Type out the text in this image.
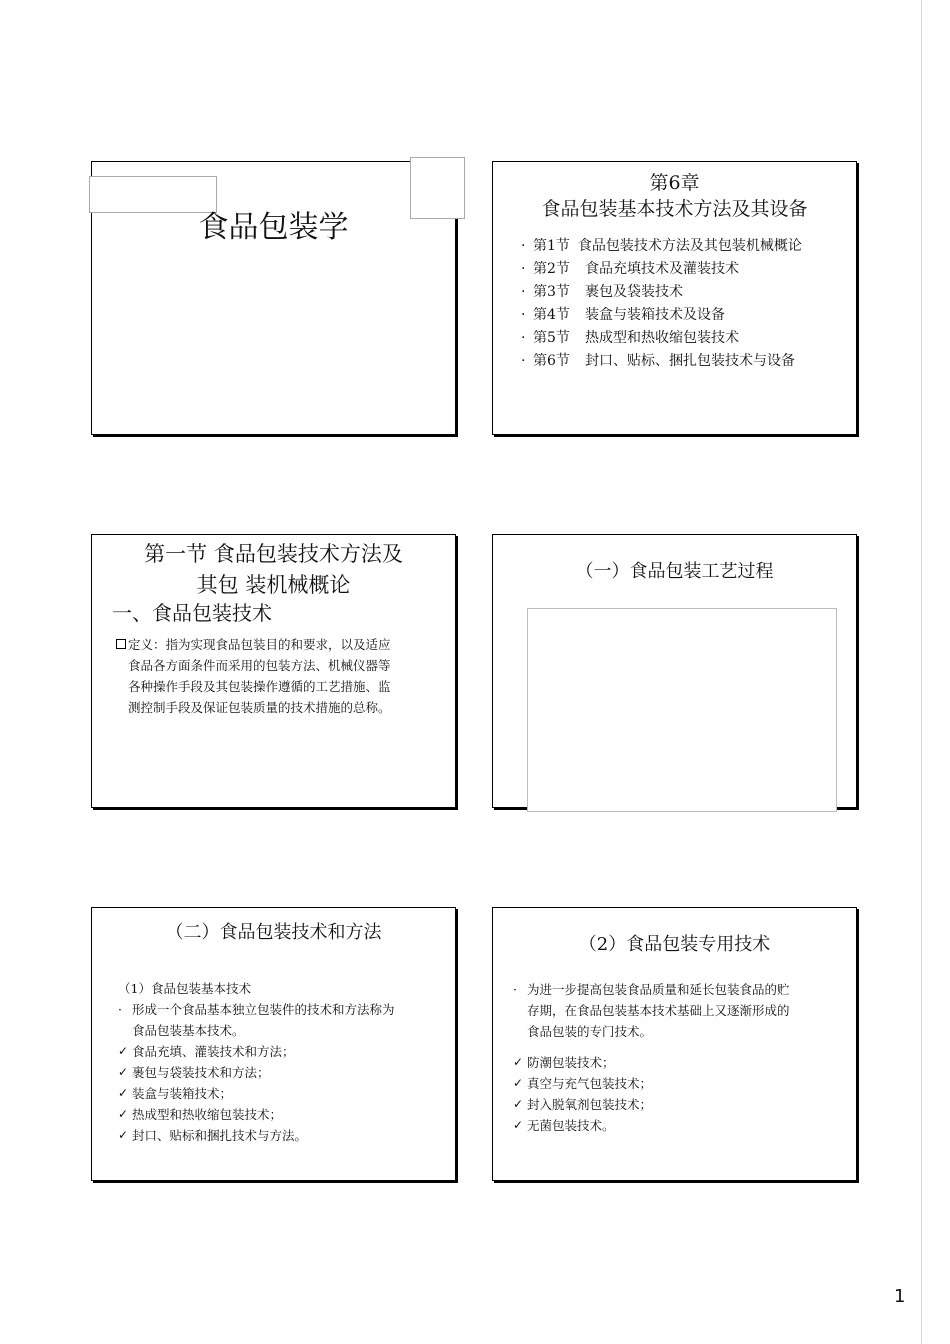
食品包装学
第6章
食品包装基本技术方法及其设备
· 第1节 食品包装技术方法及其包装机械概论
· 第2节 食品充填技术及灌装技术
· 第3节 裹包及袋装技术
· 第4节 装盒与装箱技术及设备
· 第5节 热成型和热收缩包装技术
· 第6节 封口、贴标、捆扎包装技术与设备
第一节 食品包装技术方法及
其包 装机械概论
一、食品包装技术
定义：指为实现食品包装目的和要求，以及适应
食品各方面条件而采用的包装方法、机械仪器等
各种操作手段及其包装操作遵循的工艺措施、监
测控制手段及保证包装质量的技术措施的总称。
（一）食品包装工艺过程
（二）食品包装技术和方法
（1）食品包装基本技术
· 形成一个食品基本独立包装件的技术和方法称为
食品包装基本技术。
✓ 食品充填、灌装技术和方法；
✓ 裹包与袋装技术和方法；
✓ 装盒与装箱技术；
✓ 热成型和热收缩包装技术；
✓ 封口、贴标和捆扎技术与方法。
（2）食品包装专用技术
· 为进一步提高包装食品质量和延长包装食品的贮
存期，在食品包装基本技术基础上又逐渐形成的
食品包装的专门技术。
✓ 防潮包装技术；
✓ 真空与充气包装技术；
✓ 封入脱氧剂包装技术；
✓ 无菌包装技术。
1
